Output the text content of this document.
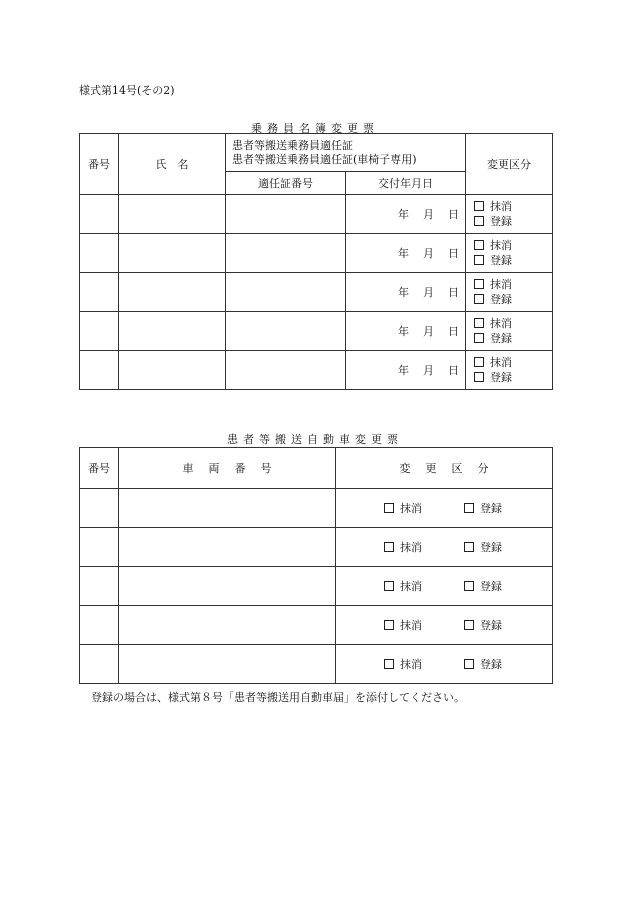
様式第14号(その2)
乗務員名簿変更票
番号	氏　名	患者等搬送乗務員適任証
患者等搬送乗務員適任証(車椅子専用)		変更区分
		適任証番号	交付年月日	
			年 月 日	抹消
登録

			年 月 日	抹消
登録

			年 月 日	抹消
登録

			年 月 日	抹消
登録

			年 月 日	抹消
登録
患者等搬送自動車変更票
番号	車両番号	変更区分
		抹消 登録
		抹消 登録
		抹消 登録
		抹消 登録
		抹消 登録
登録の場合は、様式第８号「患者等搬送用自動車届」を添付してください。
